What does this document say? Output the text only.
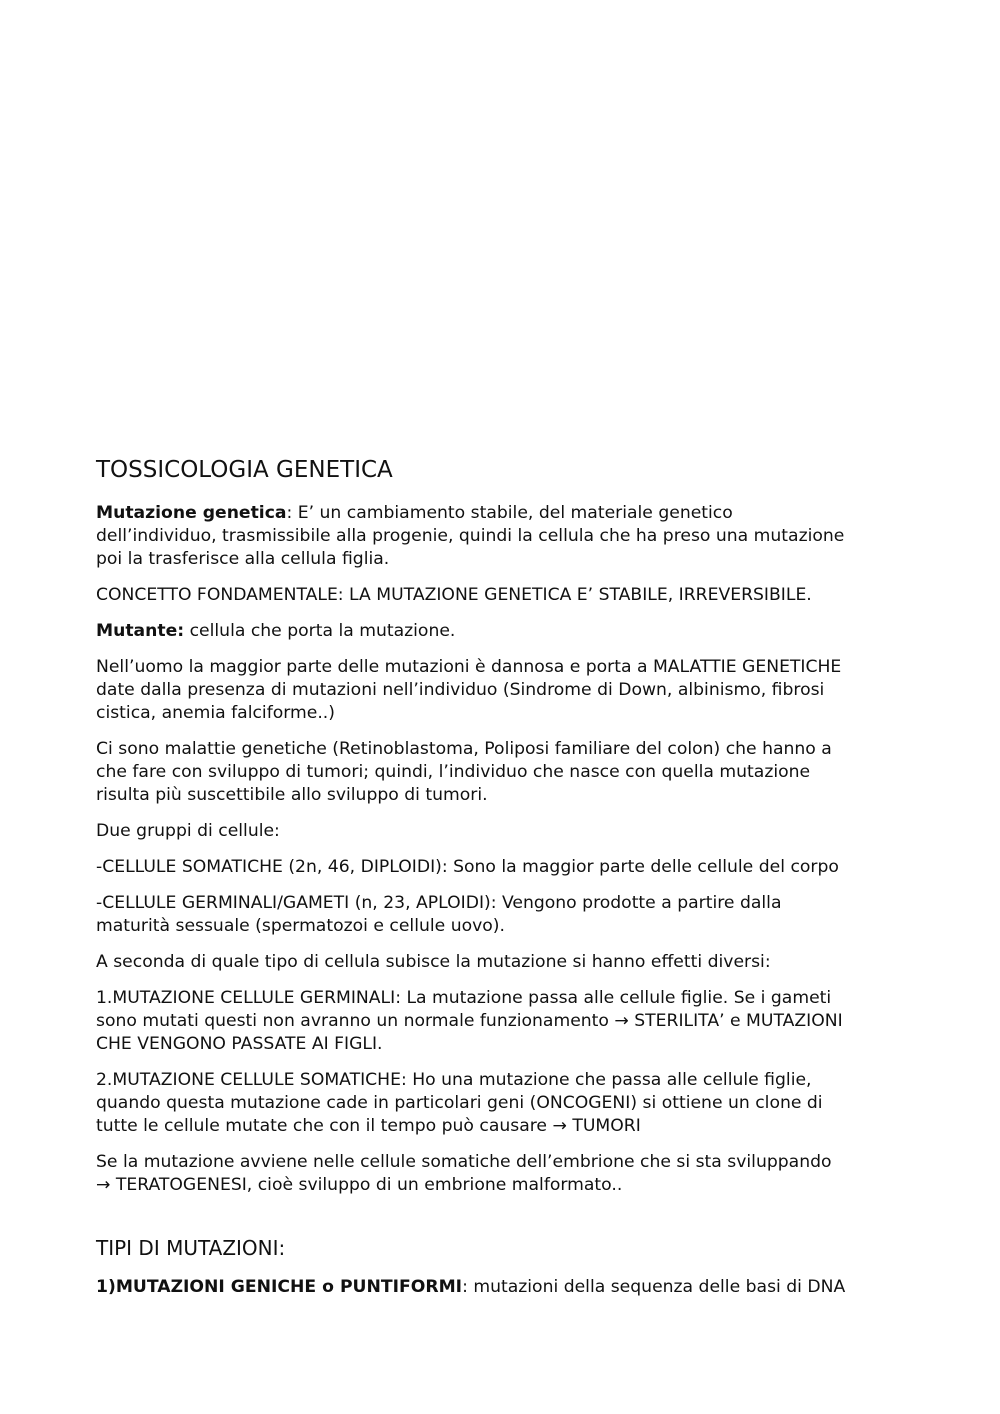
TOSSICOLOGIA GENETICA

Mutazione genetica: E’ un cambiamento stabile, del materiale genetico
dell’individuo, trasmissibile alla progenie, quindi la cellula che ha preso una mutazione
poi la trasferisce alla cellula figlia.

CONCETTO FONDAMENTALE: LA MUTAZIONE GENETICA E’ STABILE, IRREVERSIBILE.

Mutante: cellula che porta la mutazione.

Nell’uomo la maggior parte delle mutazioni è dannosa e porta a MALATTIE GENETICHE
date dalla presenza di mutazioni nell’individuo (Sindrome di Down, albinismo, fibrosi
cistica, anemia falciforme..)

Ci sono malattie genetiche (Retinoblastoma, Poliposi familiare del colon) che hanno a
che fare con sviluppo di tumori; quindi, l’individuo che nasce con quella mutazione
risulta più suscettibile allo sviluppo di tumori.

Due gruppi di cellule:

-CELLULE SOMATICHE (2n, 46, DIPLOIDI): Sono la maggior parte delle cellule del corpo

-CELLULE GERMINALI/GAMETI (n, 23, APLOIDI): Vengono prodotte a partire dalla
maturità sessuale (spermatozoi e cellule uovo).

A seconda di quale tipo di cellula subisce la mutazione si hanno effetti diversi:

1.MUTAZIONE CELLULE GERMINALI: La mutazione passa alle cellule figlie. Se i gameti
sono mutati questi non avranno un normale funzionamento → STERILITA’ e MUTAZIONI
CHE VENGONO PASSATE AI FIGLI.

2.MUTAZIONE CELLULE SOMATICHE: Ho una mutazione che passa alle cellule figlie,
quando questa mutazione cade in particolari geni (ONCOGENI) si ottiene un clone di
tutte le cellule mutate che con il tempo può causare → TUMORI

Se la mutazione avviene nelle cellule somatiche dell’embrione che si sta sviluppando
→ TERATOGENESI, cioè sviluppo di un embrione malformato..

TIPI DI MUTAZIONI:

1)MUTAZIONI GENICHE o PUNTIFORMI: mutazioni della sequenza delle basi di DNA
